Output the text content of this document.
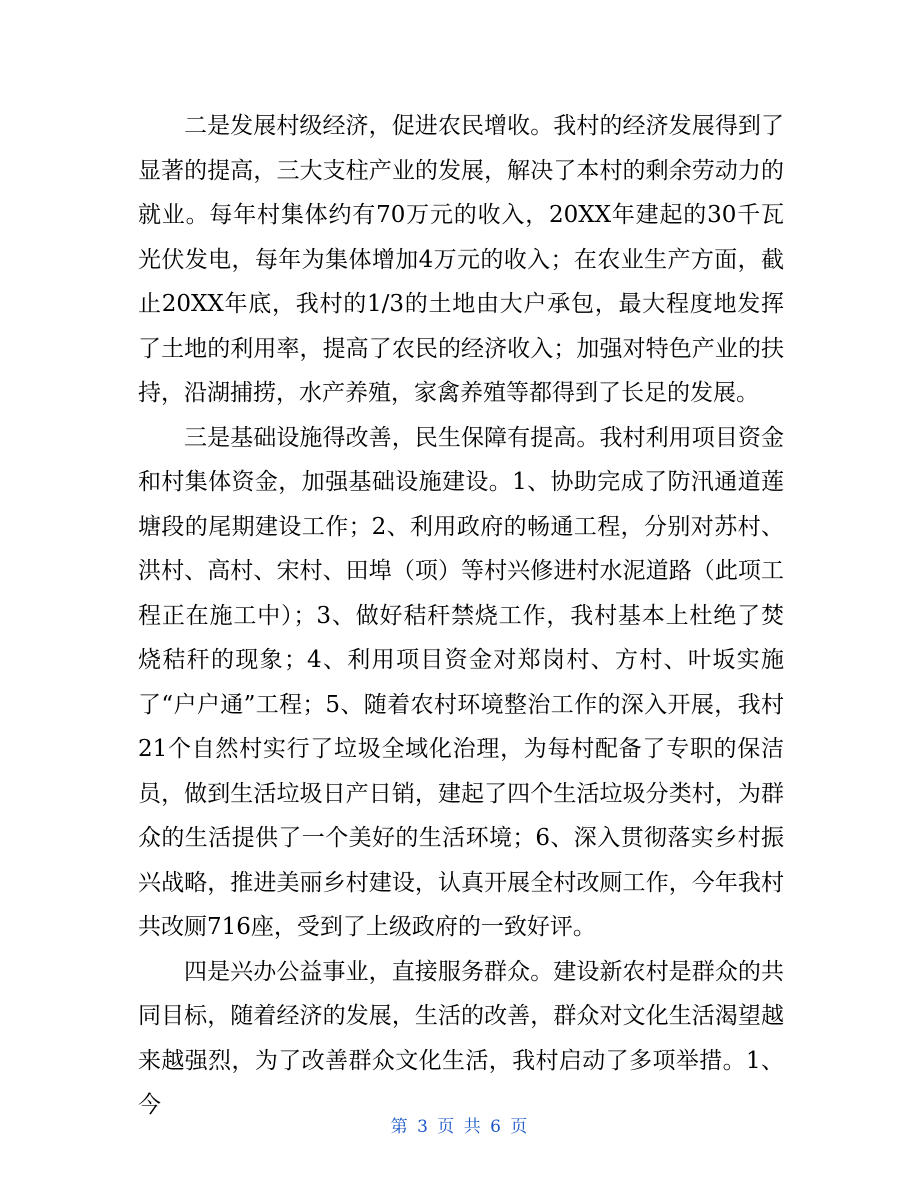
二是发展村级经济，促进农民增收。我村的经济发展得到了显著的提高，三大支柱产业的发展，解决了本村的剩余劳动力的就业。每年村集体约有70万元的收入，20XX年建起的30千瓦光伏发电，每年为集体增加4万元的收入；在农业生产方面，截止20XX年底，我村的1/3的土地由大户承包，最大程度地发挥了土地的利用率，提高了农民的经济收入；加强对特色产业的扶持，沿湖捕捞，水产养殖，家禽养殖等都得到了长足的发展。

三是基础设施得改善，民生保障有提高。我村利用项目资金和村集体资金，加强基础设施建设。1、协助完成了防汛通道莲塘段的尾期建设工作；2、利用政府的畅通工程，分别对苏村、洪村、高村、宋村、田埠（项）等村兴修进村水泥道路（此项工程正在施工中）；3、做好秸秆禁烧工作，我村基本上杜绝了焚烧秸秆的现象；4、利用项目资金对郑岗村、方村、叶坂实施了“户户通”工程；5、随着农村环境整治工作的深入开展，我村21个自然村实行了垃圾全域化治理，为每村配备了专职的保洁员，做到生活垃圾日产日销，建起了四个生活垃圾分类村，为群众的生活提供了一个美好的生活环境；6、深入贯彻落实乡村振兴战略，推进美丽乡村建设，认真开展全村改厕工作，今年我村共改厕716座，受到了上级政府的一致好评。

四是兴办公益事业，直接服务群众。建设新农村是群众的共同目标，随着经济的发展，生活的改善，群众对文化生活渴望越来越强烈，为了改善群众文化生活，我村启动了多项举措。1、今

第 3 页 共 6 页
